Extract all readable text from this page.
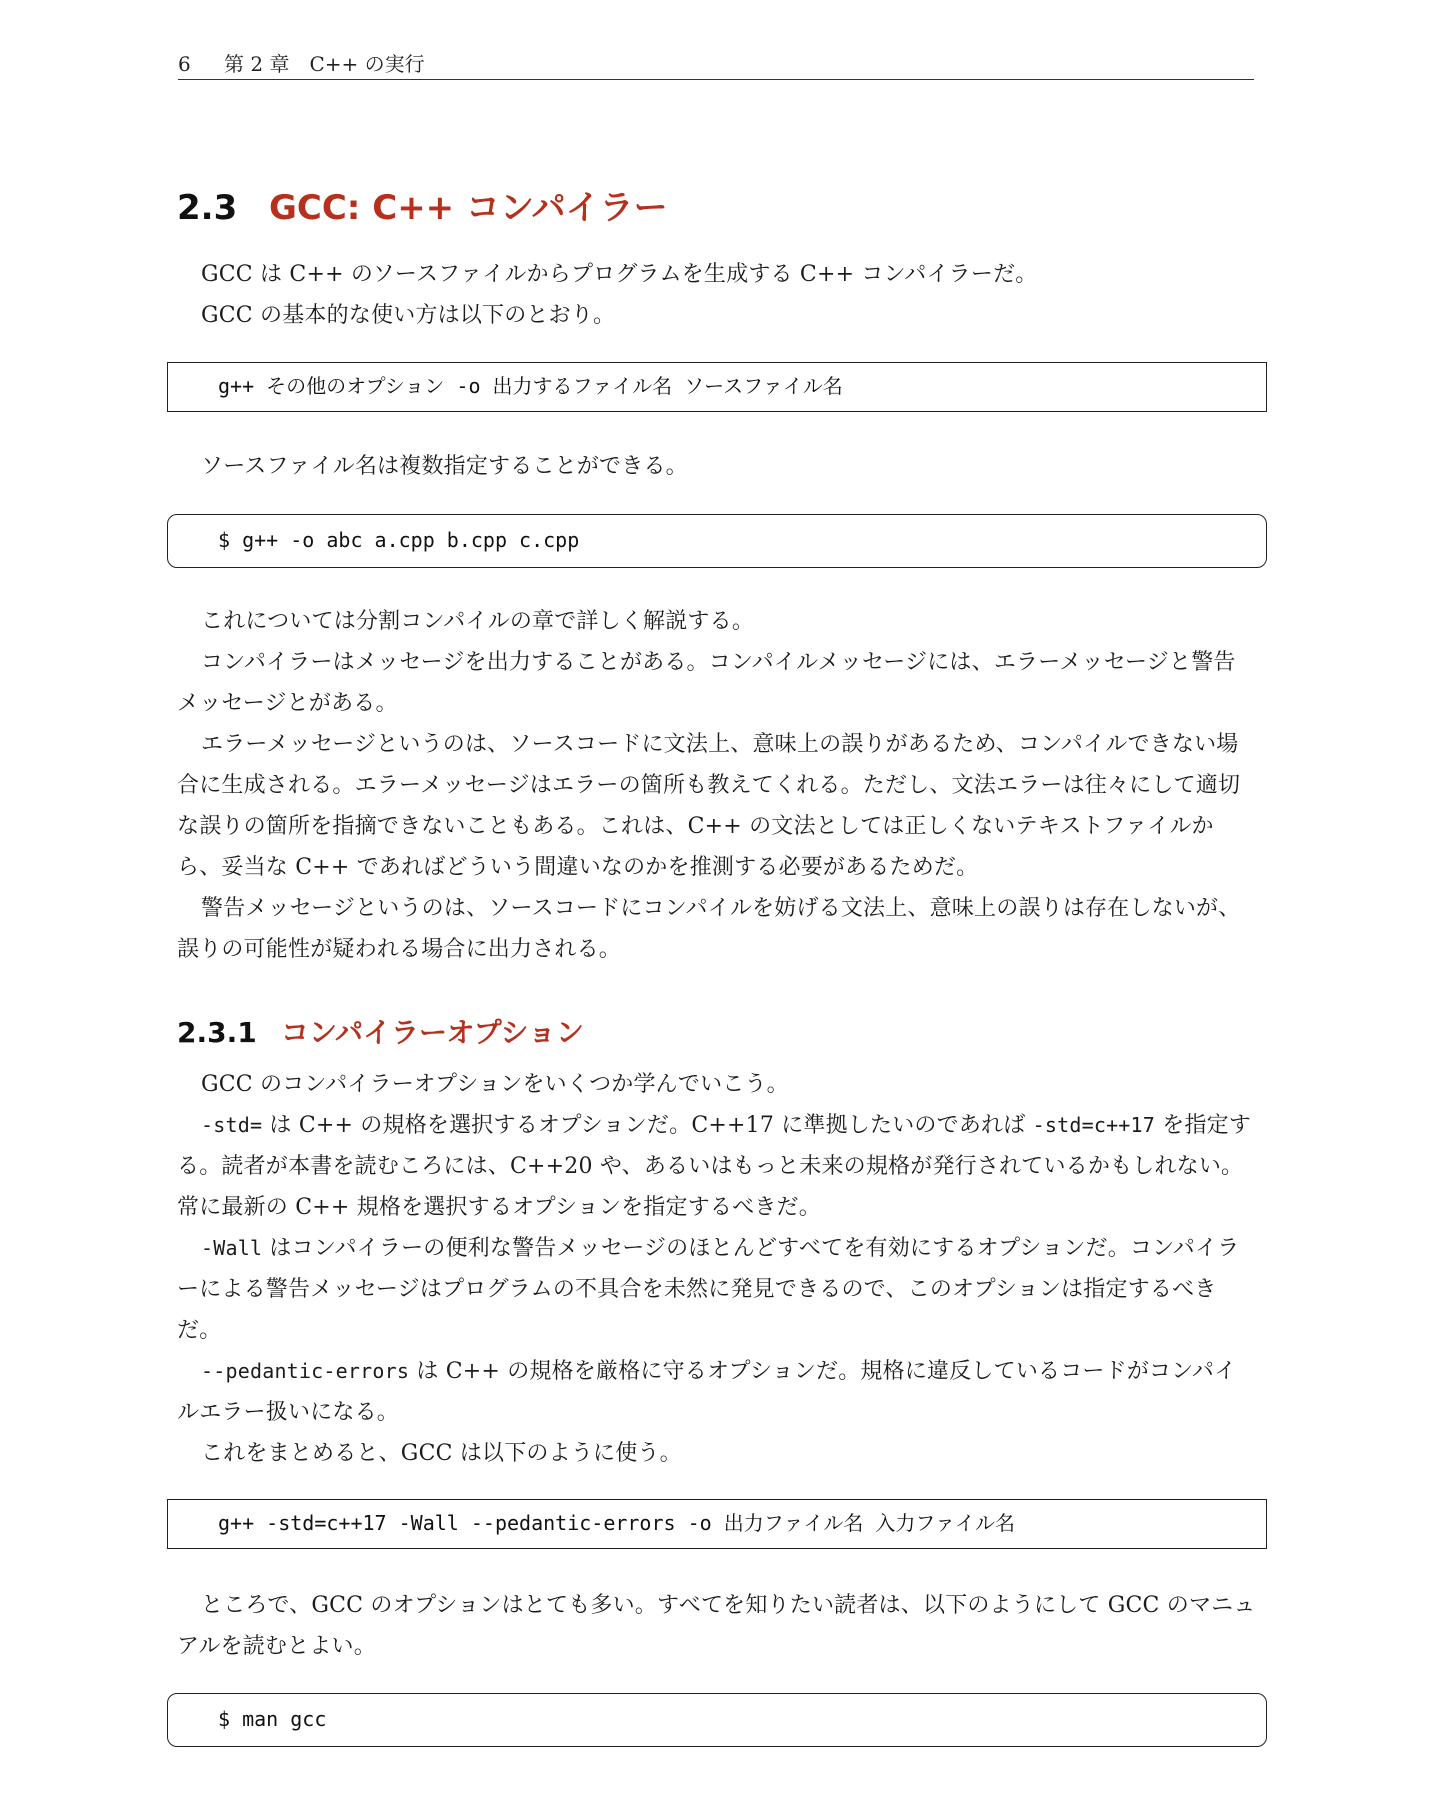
6 第 2 章　C++ の実行
2.3 GCC: C++ コンパイラー

GCC は C++ のソースファイルからプログラムを生成する C++ コンパイラーだ。

GCC の基本的な使い方は以下のとおり。

g++ その他のオプション -o 出力するファイル名 ソースファイル名

ソースファイル名は複数指定することができる。

$ g++ -o abc a.cpp b.cpp c.cpp

これについては分割コンパイルの章で詳しく解説する。

コンパイラーはメッセージを出力することがある。コンパイルメッセージには、エラーメッセージと警告メッセージとがある。

エラーメッセージというのは、ソースコードに文法上、意味上の誤りがあるため、コンパイルできない場合に生成される。エラーメッセージはエラーの箇所も教えてくれる。ただし、文法エラーは往々にして適切な誤りの箇所を指摘できないこともある。これは、C++ の文法としては正しくないテキストファイルから、妥当な C++ であればどういう間違いなのかを推測する必要があるためだ。

警告メッセージというのは、ソースコードにコンパイルを妨げる文法上、意味上の誤りは存在しないが、誤りの可能性が疑われる場合に出力される。

2.3.1 コンパイラーオプション

GCC のコンパイラーオプションをいくつか学んでいこう。

-std= は C++ の規格を選択するオプションだ。C++17 に準拠したいのであれば -std=c++17 を指定する。読者が本書を読むころには、C++20 や、あるいはもっと未来の規格が発行されているかもしれない。常に最新の C++ 規格を選択するオプションを指定するべきだ。

-Wall はコンパイラーの便利な警告メッセージのほとんどすべてを有効にするオプションだ。コンパイラーによる警告メッセージはプログラムの不具合を未然に発見できるので、このオプションは指定するべきだ。

--pedantic-errors は C++ の規格を厳格に守るオプションだ。規格に違反しているコードがコンパイルエラー扱いになる。

これをまとめると、GCC は以下のように使う。

g++ -std=c++17 -Wall --pedantic-errors -o 出力ファイル名 入力ファイル名

ところで、GCC のオプションはとても多い。すべてを知りたい読者は、以下のようにして GCC のマニュアルを読むとよい。

$ man gcc
